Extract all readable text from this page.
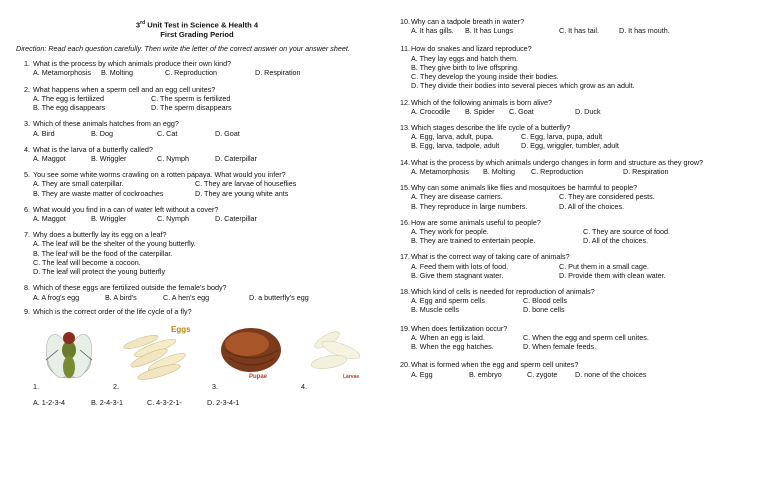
3rd Unit Test in Science & Health 4
First Grading Period
Direction: Read each question carefully. Then write the letter of the correct answer on your answer sheet.
1. What is the process by which animals produce their own kind?
A. Metamorphosis	B. Molting	C. Reproduction	D. Respiration
2. What happens when a sperm cell and an egg cell unites?
A. The egg is fertilized	C. The sperm is fertilized
B. The egg disappears	D. The sperm disappears
3. Which of these animals hatches from an egg?
A. Bird	B. Dog	C. Cat	D. Goat
4. What is the larva of a butterfly called?
A. Maggot	B. Wriggler	C. Nymph	D. Caterpillar
5. You see some white worms crawling on a rotten papaya. What would you infer?
A. They are small caterpillar.	C. They are larvae of houseflies
B. They are waste matter of cockroaches	D. They are young white ants
6. What would you find in a can of water left without a cover?
A. Maggot	B. Wriggler	C. Nymph	D. Caterpillar
7. Why does a butterfly lay its egg on a leaf?
A. The leaf will be the shelter of the young butterfly.
B. The leaf will be the food of the caterpillar.
C. The leaf will become a cocoon.
D. The leaf will protect the young butterfly
8. Which of these eggs are fertilized outside the female's body?
A. A frog's egg	B. A bird's	C. A hen's egg	D. a butterfly's egg
9. Which is the correct order of the life cycle of a fly?
1.
Eggs
2.
Pupae
3.
Larvae
4.
A. 1-2-3-4	B. 2-4-3-1	C. 4-3-2-1-	D. 2-3-4-1
10. Why can a tadpole breath in water?
A. It has gills.	B. It has Lungs	C. It has tail.	D. It has mouth.
11. How do snakes and lizard reproduce?
A. They lay eggs and hatch them.
B. They give birth to live offspring.
C. They develop the young inside their bodies.
D. They divide their bodies into several pieces which grow as an adult.
12. Which of the following animals is born alive?
A. Crocodile	B. Spider	C. Goat	D. Duck
13. Which stages describe the life cycle of a butterfly?
A. Egg, larva, adult, pupa.	C. Egg, larva, pupa, adult
B. Egg, larva, tadpole, adult	D. Egg, wriggler, tumbler, adult
14. What is the process by which animals undergo changes in form and structure as they grow?
A. Metamorphosis	B. Molting	C. Reproduction	D. Respiration
15. Why can some animals like flies and mosquitoes be harmful to people?
A. They are disease carriers.	C. They are considered pests.
B. They reproduce in large numbers.	D. All of the choices.
16. How are some animals useful to people?
A. They work for people.	C. They are source of food.
B. They are trained to entertain people.	D. All of the choices.
17. What is the correct way of taking care of animals?
A. Feed them with lots of food.	C. Put them in a small cage.
B. Give them stagnant water.	D. Provide them with clean water.
18. Which kind of cells is needed for reproduction of animals?
A. Egg and sperm cells	C. Blood cells
B. Muscle cells	D. bone cells
19. When does fertilization occur?
A. When an egg is laid.	C. When the egg and sperm cell unites.
B. When the egg hatches.	D. When female feeds.
20. What is formed when the egg and sperm cell unites?
A. Egg	B. embryo	C. zygote	D. none of the choices
